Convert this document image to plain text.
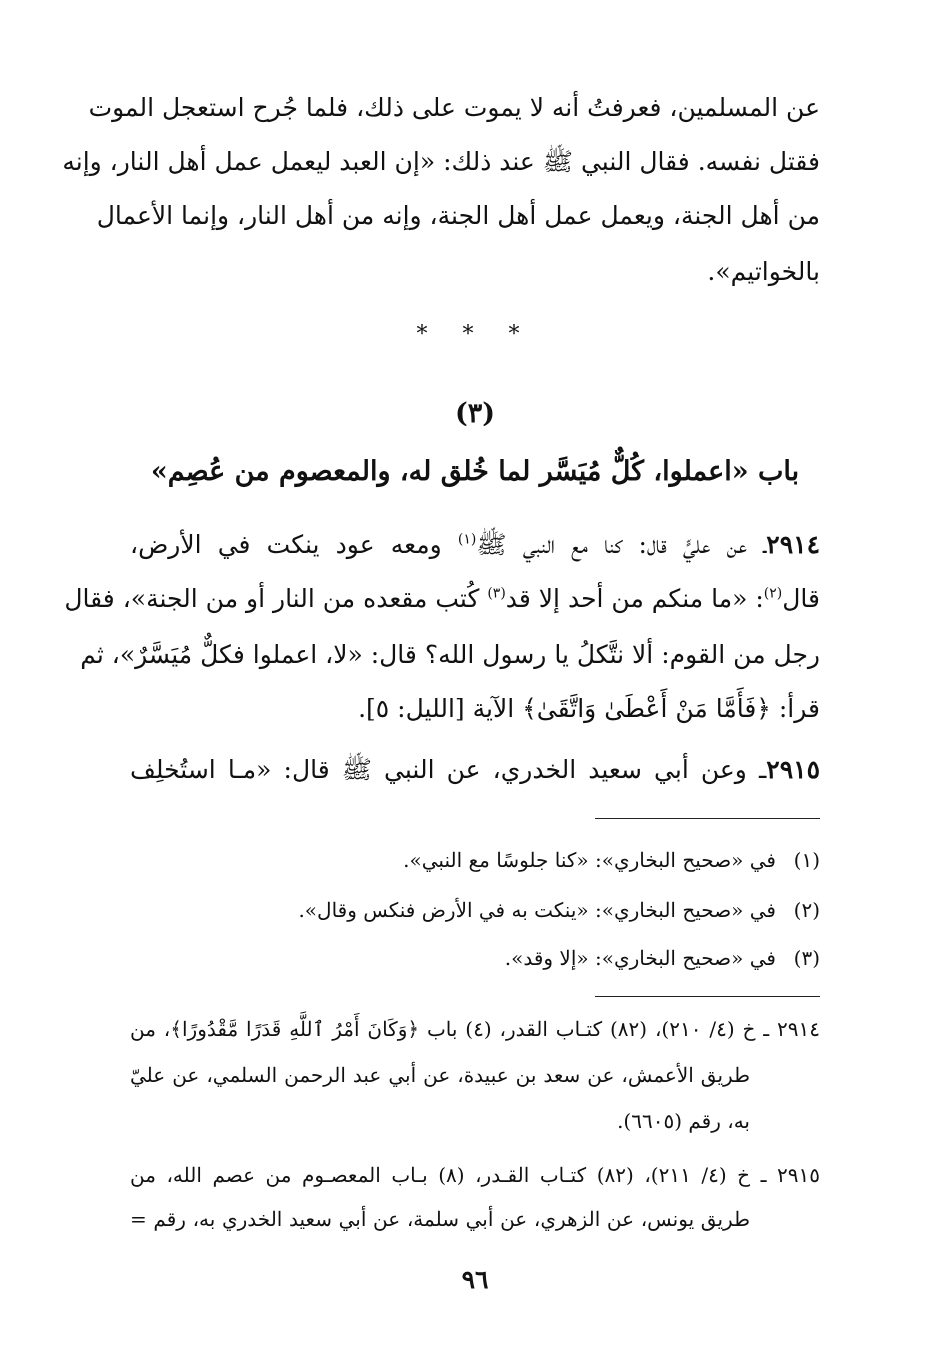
عن المسلمين، فعرفتُ أنه لا يموت على ذلك، فلما جُرح استعجل الموت
فقتل نفسه. فقال النبي ﷺ عند ذلك: «إن العبد ليعمل عمل أهل النار، وإنه
من أهل الجنة، ويعمل عمل أهل الجنة، وإنه من أهل النار، وإنما الأعمال
بالخواتيم».
* * *
(٣)
باب «اعملوا، كُلٌّ مُيَسَّر لما خُلق له، والمعصوم من عُصِم»
٢٩١٤ـ عن عليٍّ قال: كنا مع النبي ﷺ$^{(١)}$ ومعه عود ينكت في الأرض،
قال$^{(٢)}$: «ما منكم من أحد إلا قد$^{(٣)}$ كُتب مقعده من النار أو من الجنة»، فقال
رجل من القوم: ألا نتَّكلُ يا رسول الله؟ قال: «لا، اعملوا فكلٌّ مُيَسَّرٌ»، ثم
قرأ: ﴿فَأَمَّا مَنْ أَعْطَىٰ وَاتَّقَىٰ﴾ الآية [الليل: ٥].
٢٩١٥ـ وعن أبي سعيد الخدري، عن النبي ﷺ قال: «مـا استُخلِف
(١)في «صحيح البخاري»: «كنا جلوسًا مع النبي».
(٢)في «صحيح البخاري»: «ينكت به في الأرض فنكس وقال».
(٣)في «صحيح البخاري»: «إلا وقد».
٢٩١٤ ـ خ (٤/ ٢١٠)، (٨٢) كتـاب القدر، (٤) باب ﴿وَكَانَ أَمْرُ ٱللَّهِ قَدَرًا مَّقْدُورًا﴾، من
طريق الأعمش، عن سعد بن عبيدة، عن أبي عبد الرحمن السلمي، عن عليّ
به، رقم (٦٦٠٥).
٢٩١٥ ـ خ (٤/ ٢١١)، (٨٢) كتـاب القـدر، (٨) بـاب المعصـوم من عصم الله، من
طريق يونس، عن الزهري، عن أبي سلمة، عن أبي سعيد الخدري به، رقم =
٩٦
